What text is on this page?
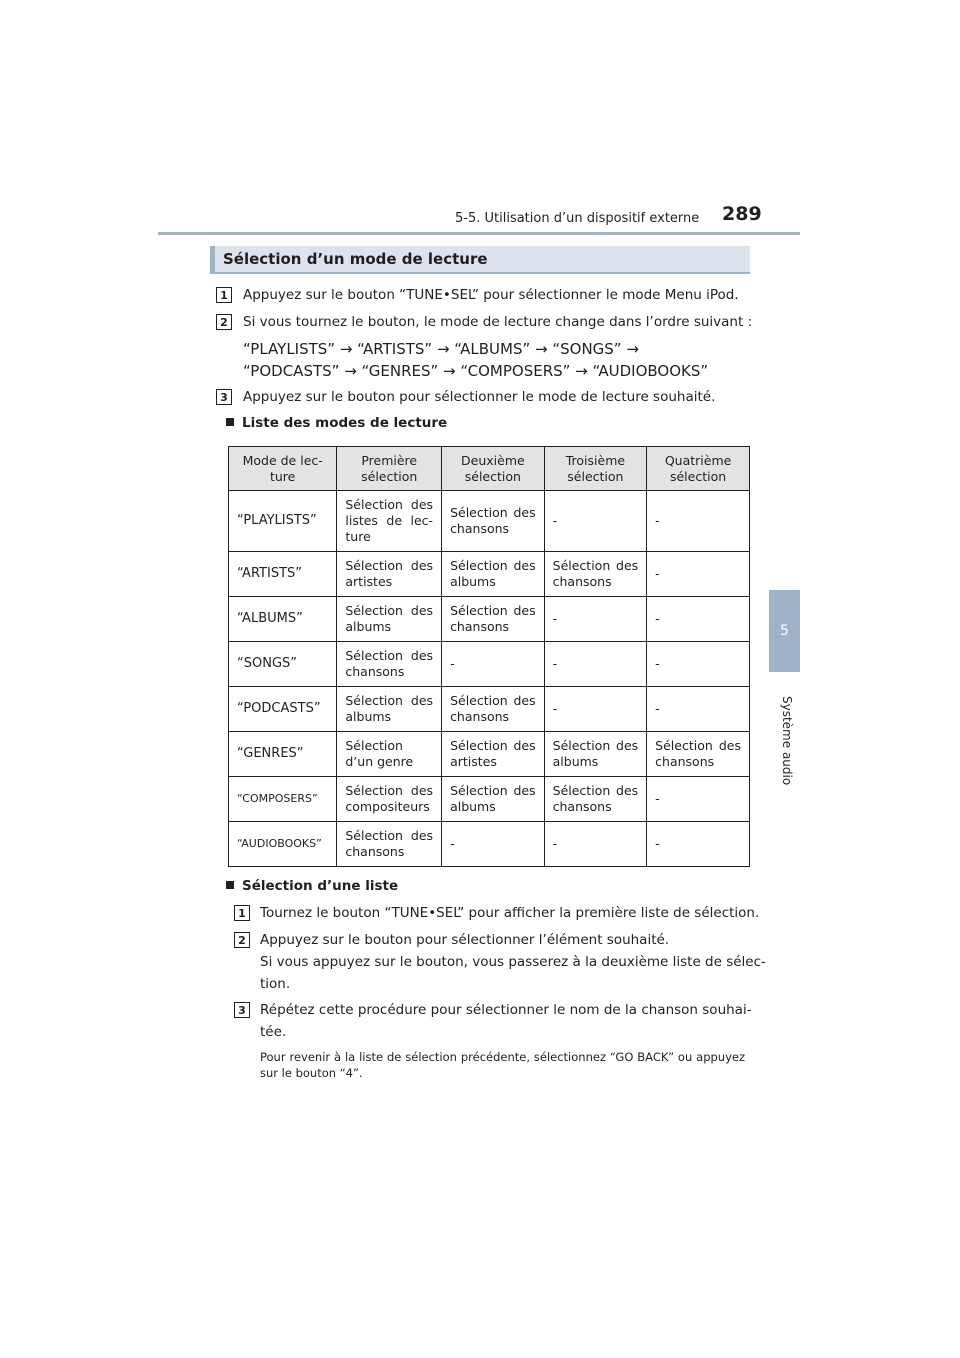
5-5. Utilisation d’un dispositif externe 289
5
Système audio
Sélection d’un mode de lecture
1	Appuyez sur le bouton “TUNE•SEL” pour sélectionner le mode Menu iPod.
2	Si vous tournez le bouton, le mode de lecture change dans l’ordre suivant :
“PLAYLISTS” → “ARTISTS” → “ALBUMS” → “SONGS” →
“PODCASTS” → “GENRES” → “COMPOSERS” → “AUDIOBOOKS”
3	Appuyez sur le bouton pour sélectionner le mode de lecture souhaité.
Liste des modes de lecture
Mode de lec-ture	Première sélection	Deuxième sélection	Troisième sélection	Quatrième sélection
“PLAYLISTS”	Sélection des listes de lec-ture	Sélection des chansons	-	-
“ARTISTS”	Sélection des artistes	Sélection des albums	Sélection des chansons	-
“ALBUMS”	Sélection des albums	Sélection des chansons	-	-
“SONGS”	Sélection des chansons	-	-	-
“PODCASTS”	Sélection des albums	Sélection des chansons	-	-
“GENRES”	Sélection d’un genre	Sélection des artistes	Sélection des albums	Sélection des chansons
“COMPOSERS”	Sélection des compositeurs	Sélection des albums	Sélection des chansons	-
“AUDIOBOOKS”	Sélection des chansons	-	-	-
Sélection d’une liste
1	Tournez le bouton “TUNE•SEL” pour afficher la première liste de sélection.
2	Appuyez sur le bouton pour sélectionner l’élément souhaité.
Si vous appuyez sur le bouton, vous passerez à la deuxième liste de sélec-
tion.
3	Répétez cette procédure pour sélectionner le nom de la chanson souhai-
tée.
Pour revenir à la liste de sélection précédente, sélectionnez “GO BACK” ou appuyez sur le bouton “4”.
